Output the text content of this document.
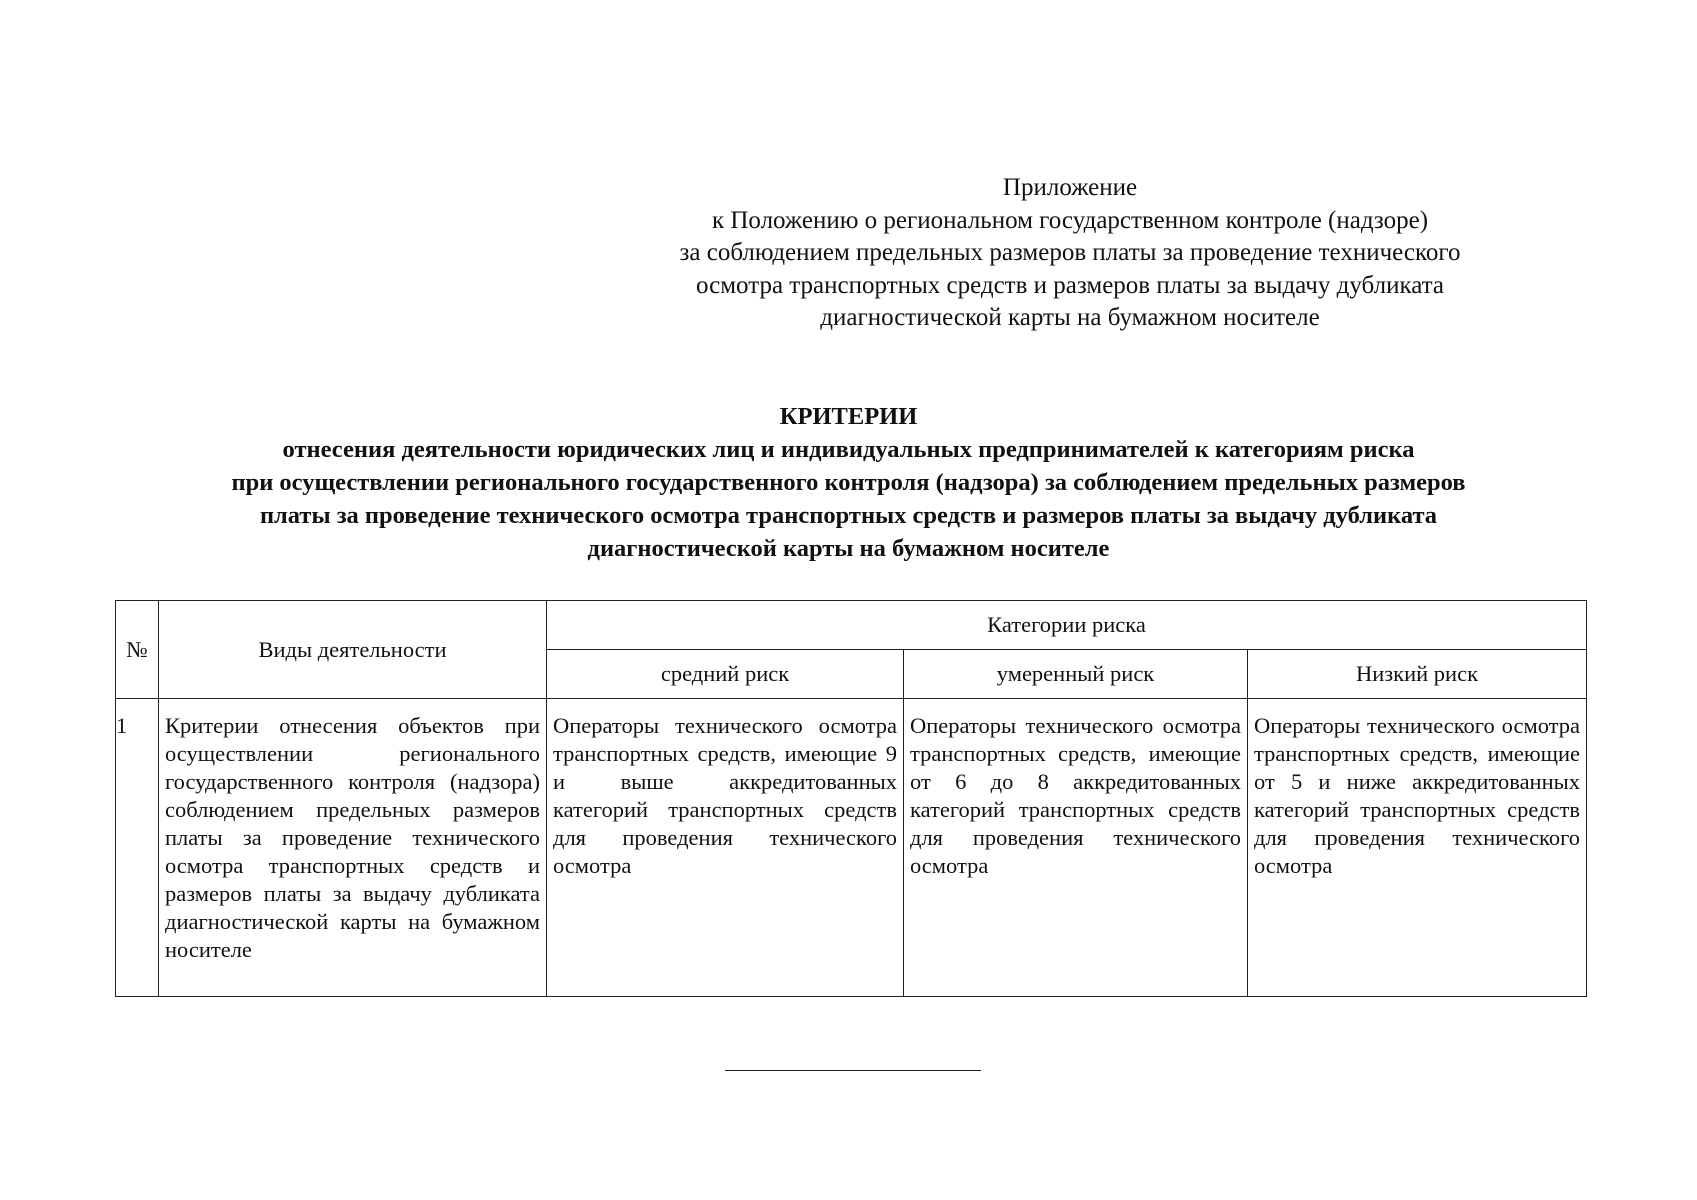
Приложение
к Положению о региональном государственном контроле (надзоре)
за соблюдением предельных размеров платы за проведение технического
осмотра транспортных средств и размеров платы за выдачу дубликата
диагностической карты на бумажном носителе
КРИТЕРИИ
отнесения деятельности юридических лиц и индивидуальных предпринимателей к категориям риска
при осуществлении регионального государственного контроля (надзора) за соблюдением предельных размеров
платы за проведение технического осмотра транспортных средств и размеров платы за выдачу дубликата
диагностической карты на бумажном носителе
№	Виды деятельности	Категории риска		
		средний риск	умеренный риск	Низкий риск
1	Критерии отнесения объектов при осуществлении регионального государственного контроля (надзора) соблюдением предельных размеров платы за проведение технического осмотра транспортных средств и размеров платы за выдачу дубликата диагностической карты на бумажном носителе	Операторы технического осмотра транспортных средств, имеющие 9 и выше аккредитованных категорий транспортных средств для проведения технического осмотра	Операторы технического осмотра транспортных средств, имеющие от 6 до 8 аккредитованных категорий транспортных средств для проведения технического осмотра	Операторы технического осмотра транспортных средств, имеющие от 5 и ниже аккредитованных категорий транспортных средств для проведения технического осмотра
